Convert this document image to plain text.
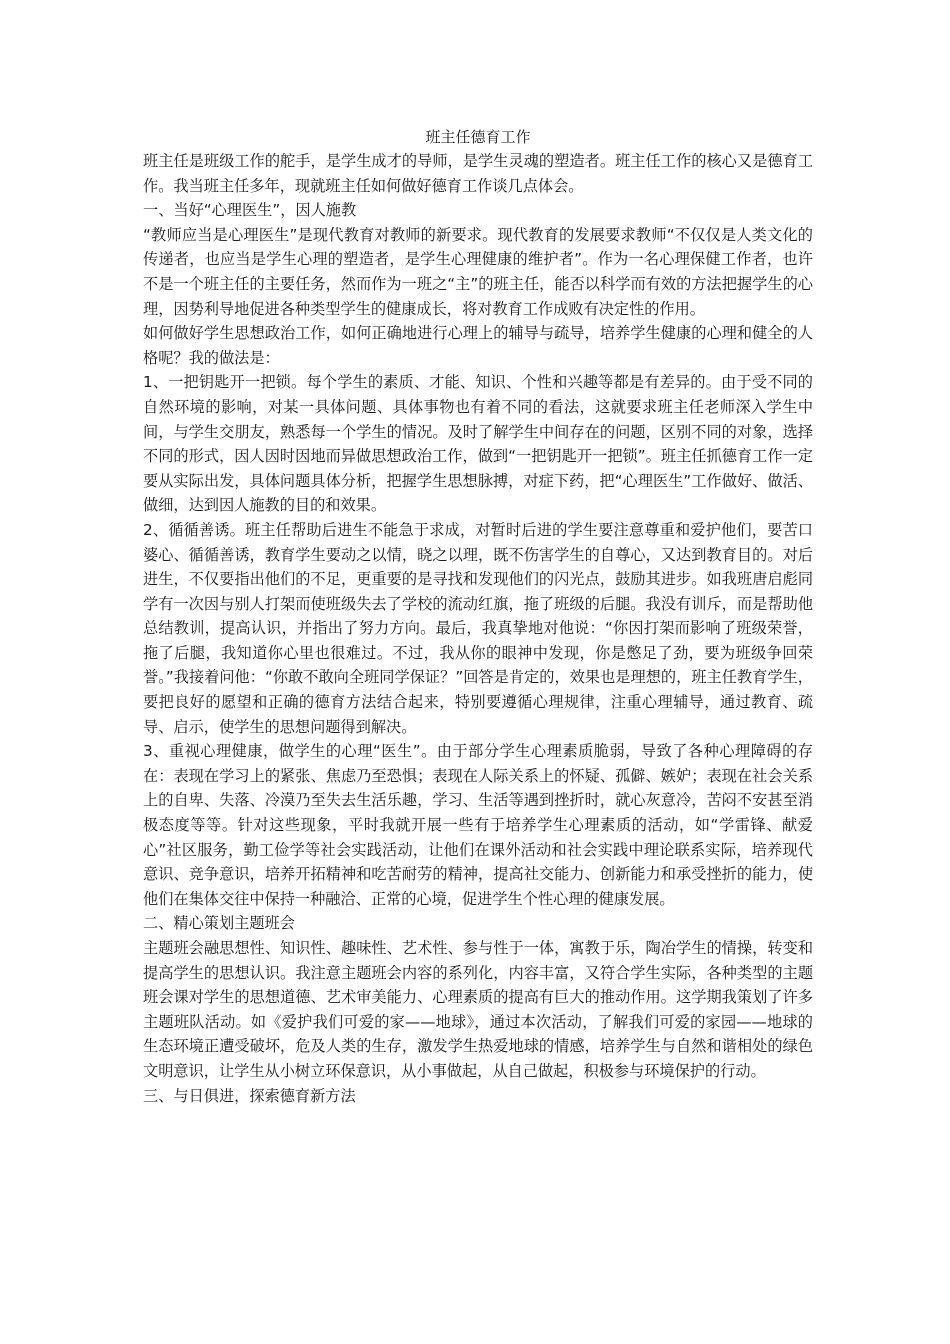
班主任德育工作

班主任是班级工作的舵手，是学生成才的导师，是学生灵魂的塑造者。班主任工作的核心又是德育工作。我当班主任多年，现就班主任如何做好德育工作谈几点体会。

一、当好“心理医生”，因人施教

“教师应当是心理医生”是现代教育对教师的新要求。现代教育的发展要求教师“不仅仅是人类文化的传递者，也应当是学生心理的塑造者，是学生心理健康的维护者”。作为一名心理保健工作者，也许不是一个班主任的主要任务，然而作为一班之“主”的班主任，能否以科学而有效的方法把握学生的心理，因势利导地促进各种类型学生的健康成长，将对教育工作成败有决定性的作用。

如何做好学生思想政治工作，如何正确地进行心理上的辅导与疏导，培养学生健康的心理和健全的人格呢？我的做法是：

1、一把钥匙开一把锁。每个学生的素质、才能、知识、个性和兴趣等都是有差异的。由于受不同的自然环境的影响，对某一具体问题、具体事物也有着不同的看法，这就要求班主任老师深入学生中间，与学生交朋友，熟悉每一个学生的情况。及时了解学生中间存在的问题，区别不同的对象，选择不同的形式，因人因时因地而异做思想政治工作，做到“一把钥匙开一把锁”。班主任抓德育工作一定要从实际出发，具体问题具体分析，把握学生思想脉搏，对症下药，把“心理医生”工作做好、做活、做细，达到因人施教的目的和效果。

2、循循善诱。班主任帮助后进生不能急于求成，对暂时后进的学生要注意尊重和爱护他们，要苦口婆心、循循善诱，教育学生要动之以情，晓之以理，既不伤害学生的自尊心，又达到教育目的。对后进生，不仅要指出他们的不足，更重要的是寻找和发现他们的闪光点，鼓励其进步。如我班唐启彪同学有一次因与别人打架而使班级失去了学校的流动红旗，拖了班级的后腿。我没有训斥，而是帮助他总结教训，提高认识，并指出了努力方向。最后，我真挚地对他说：“你因打架而影响了班级荣誉，拖了后腿，我知道你心里也很难过。不过，我从你的眼神中发现，你是憋足了劲，要为班级争回荣誉。”我接着问他：“你敢不敢向全班同学保证？”回答是肯定的，效果也是理想的，班主任教育学生，要把良好的愿望和正确的德育方法结合起来，特别要遵循心理规律，注重心理辅导，通过教育、疏导、启示，使学生的思想问题得到解决。

3、重视心理健康，做学生的心理“医生”。由于部分学生心理素质脆弱，导致了各种心理障碍的存在：表现在学习上的紧张、焦虑乃至恐惧；表现在人际关系上的怀疑、孤僻、嫉妒；表现在社会关系上的自卑、失落、冷漠乃至失去生活乐趣，学习、生活等遇到挫折时，就心灰意冷，苦闷不安甚至消极态度等等。针对这些现象，平时我就开展一些有于培养学生心理素质的活动，如“学雷锋、献爱心”社区服务，勤工俭学等社会实践活动，让他们在课外活动和社会实践中理论联系实际，培养现代意识、竞争意识，培养开拓精神和吃苦耐劳的精神，提高社交能力、创新能力和承受挫折的能力，使他们在集体交往中保持一种融洽、正常的心境，促进学生个性心理的健康发展。

二、精心策划主题班会

主题班会融思想性、知识性、趣味性、艺术性、参与性于一体，寓教于乐，陶冶学生的情操，转变和提高学生的思想认识。我注意主题班会内容的系列化，内容丰富，又符合学生实际，各种类型的主题班会课对学生的思想道德、艺术审美能力、心理素质的提高有巨大的推动作用。这学期我策划了许多主题班队活动。如《爱护我们可爱的家——地球》，通过本次活动，了解我们可爱的家园——地球的生态环境正遭受破坏，危及人类的生存，激发学生热爱地球的情感，培养学生与自然和谐相处的绿色文明意识，让学生从小树立环保意识，从小事做起，从自己做起，积极参与环境保护的行动。

三、与日俱进，探索德育新方法
